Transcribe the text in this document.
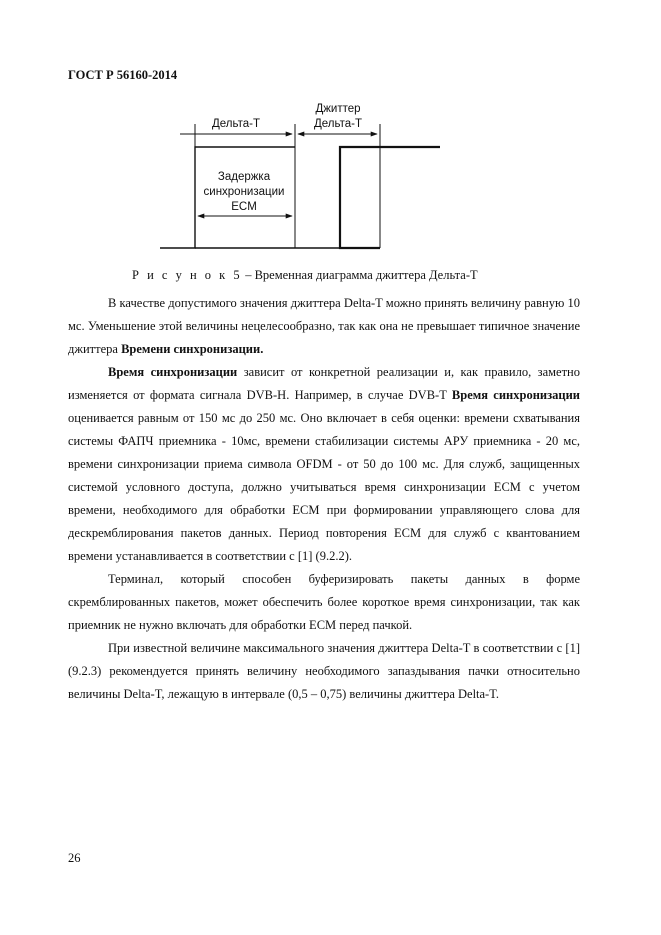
ГОСТ Р 56160-2014
Джиттер
Дельта-Т
Дельта-Т
Задержка
синхронизации
ECM
Р и с у н о к 5 – Временная диаграмма джиттера Дельта-Т

В качестве допустимого значения джиттера Delta-T можно принять величину равную 10 мс. Уменьшение этой величины нецелесообразно, так как она не превышает типичное значение джиттера Времени синхронизации.

Время синхронизации зависит от конкретной реализации и, как правило, заметно изменяется от формата сигнала DVB-H. Например, в случае DVB-T Время синхронизации оценивается равным от 150 мс до 250 мс. Оно включает в себя оценки: времени схватывания системы ФАПЧ приемника - 10мс, времени стабилизации системы АРУ приемника - 20 мс, времени синхронизации приема символа OFDM - от 50 до 100 мс. Для служб, защищенных системой условного доступа, должно учитываться время синхронизации ECM с учетом времени, необходимого для обработки ECM при формировании управляющего слова для дескремблирования пакетов данных. Период повторения ECM для служб с квантованием времени устанавливается в соответствии с [1] (9.2.2).

Терминал, который способен буферизировать пакеты данных в форме скремблированных пакетов, может обеспечить более короткое время синхронизации, так как приемник не нужно включать для обработки ECM перед пачкой.

При известной величине максимального значения джиттера Delta-T в соответствии с [1] (9.2.3) рекомендуется принять величину необходимого запаздывания пачки относительно величины Delta-T, лежащую в интервале (0,5 – 0,75) величины джиттера Delta-T.

26
